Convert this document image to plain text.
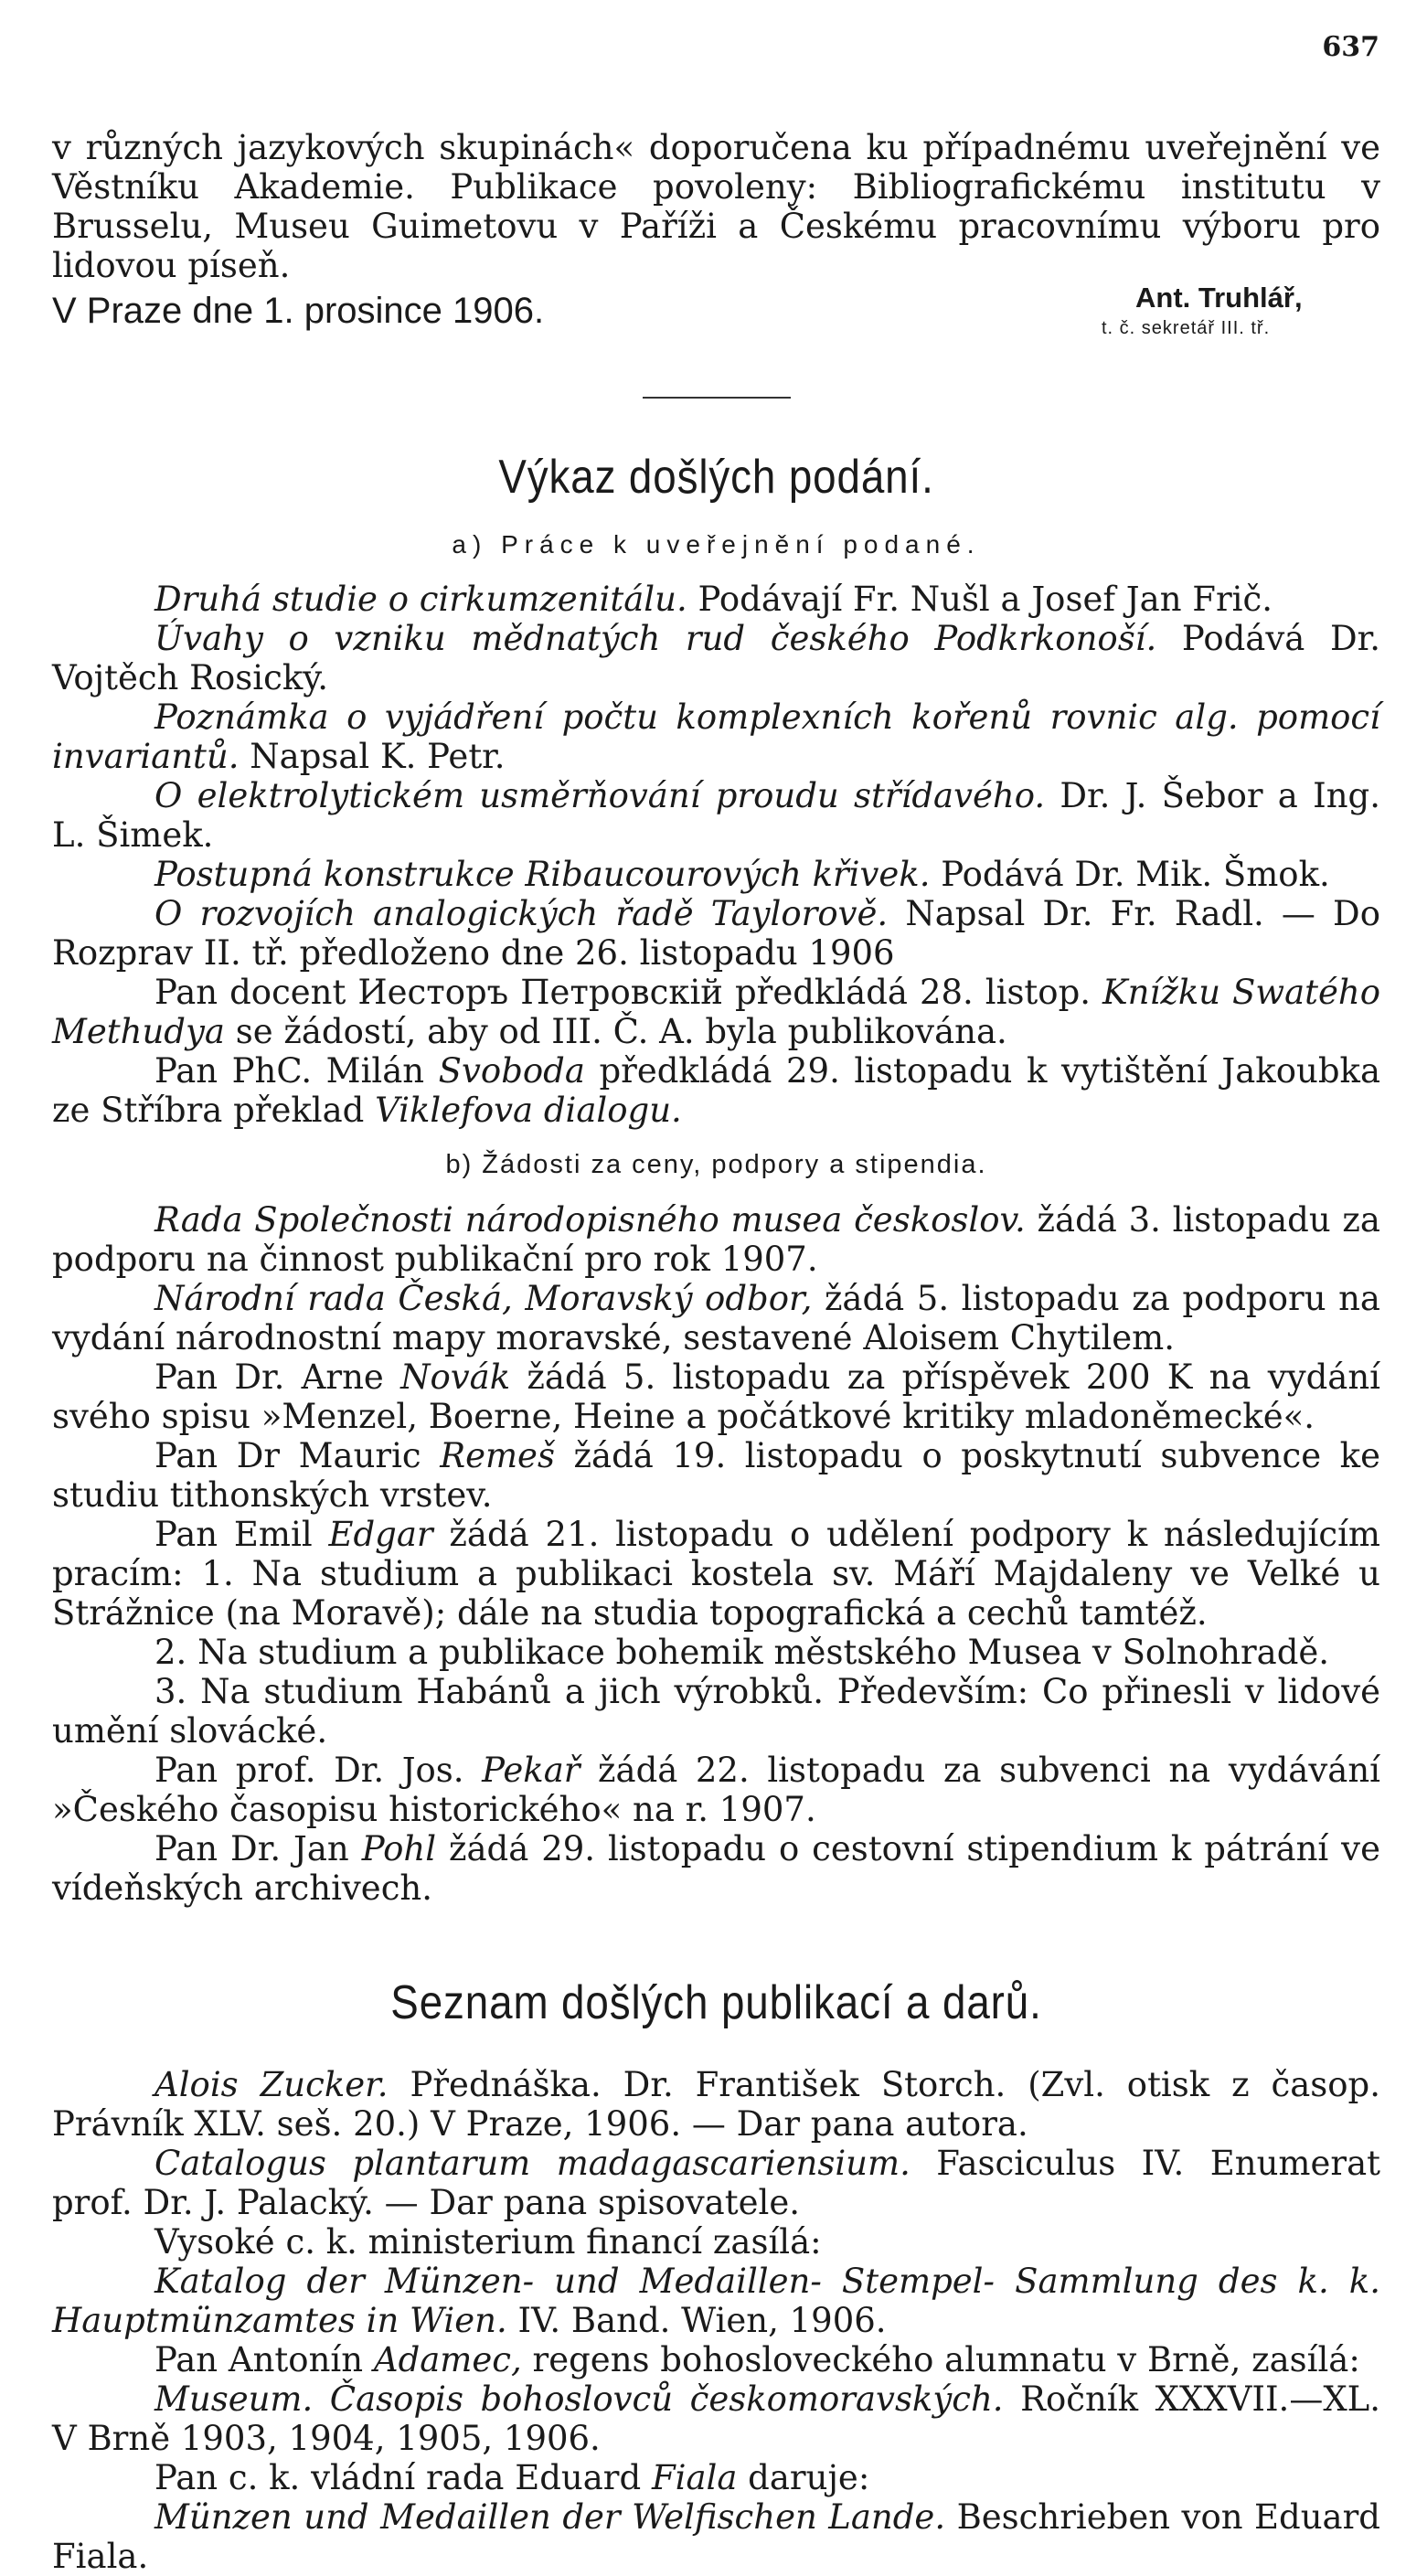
637

v různých jazykových skupinách« doporučena ku případnému uveřejnění ve Věstníku Akademie. Publikace povoleny: Bibliografickému institutu v Brusselu, Museu Guimetovu v Paříži a Českému pracovnímu výboru pro lidovou píseň.

V Praze dne 1. prosince 1906.	Ant. Truhlář,
t. č. sekretář III. tř.
Výkaz došlých podání.

a) Práce k uveřejnění podané.

Druhá studie o cirkumzenitálu. Podávají Fr. Nušl a Josef Jan Frič.

Úvahy o vzniku mědnatých rud českého Podkrkonoší. Podává Dr. Vojtěch Rosický.

Poznámka o vyjádření počtu komplexních kořenů rovnic alg. pomocí invariantů. Napsal K. Petr.

O elektrolytickém usměrňování proudu střídavého. Dr. J. Šebor a Ing. L. Šimek.

Postupná konstrukce Ribaucourových křivek. Podává Dr. Mik. Šmok.

O rozvojích analogických řadě Taylorově. Napsal Dr. Fr. Radl. — Do Rozprav II. tř. předloženo dne 26. listopadu 1906

Pan docent Иесторъ Петровскій předkládá 28. listop. Knížku Swatého Methudya se žádostí, aby od III. Č. A. byla publikována.

Pan PhC. Milán Svoboda předkládá 29. listopadu k vytištění Jakoubka ze Stříbra překlad Viklefova dialogu.

b) Žádosti za ceny, podpory a stipendia.

Rada Společnosti národopisného musea českoslov. žádá 3. listopadu za podporu na činnost publikační pro rok 1907.

Národní rada Česká, Moravský odbor, žádá 5. listopadu za podporu na vydání národnostní mapy moravské, sestavené Aloisem Chytilem.

Pan Dr. Arne Novák žádá 5. listopadu za příspěvek 200 K na vydání svého spisu »Menzel, Boerne, Heine a počátkové kritiky mladoněmecké«.

Pan Dr Mauric Remeš žádá 19. listopadu o poskytnutí subvence ke studiu tithonských vrstev.

Pan Emil Edgar žádá 21. listopadu o udělení podpory k následujícím pracím: 1. Na studium a publikaci kostela sv. Máří Majdaleny ve Velké u Strážnice (na Moravě); dále na studia topografická a cechů tamtéž.

2. Na studium a publikace bohemik městského Musea v Solnohradě.

3. Na studium Habánů a jich výrobků. Především: Co přinesli v lidové umění slovácké.

Pan prof. Dr. Jos. Pekař žádá 22. listopadu za subvenci na vydávání »Českého časopisu historického« na r. 1907.

Pan Dr. Jan Pohl žádá 29. listopadu o cestovní stipendium k pátrání ve vídeňských archivech.

Seznam došlých publikací a darů.

Alois Zucker. Přednáška. Dr. František Storch. (Zvl. otisk z časop. Právník XLV. seš. 20.) V Praze, 1906. — Dar pana autora.

Catalogus plantarum madagascariensium. Fasciculus IV. Enumerat prof. Dr. J. Palacký. — Dar pana spisovatele.

Vysoké c. k. ministerium financí zasílá:

Katalog der Münzen- und Medaillen- Stempel- Sammlung des k. k. Hauptmünzamtes in Wien. IV. Band. Wien, 1906.

Pan Antonín Adamec, regens bohosloveckého alumnatu v Brně, zasílá:

Museum. Časopis bohoslovců českomoravských. Ročník XXXVII.—XL. V Brně 1903, 1904, 1905, 1906.

Pan c. k. vládní rada Eduard Fiala daruje:

Münzen und Medaillen der Welfischen Lande. Beschrieben von Eduard Fiala.
